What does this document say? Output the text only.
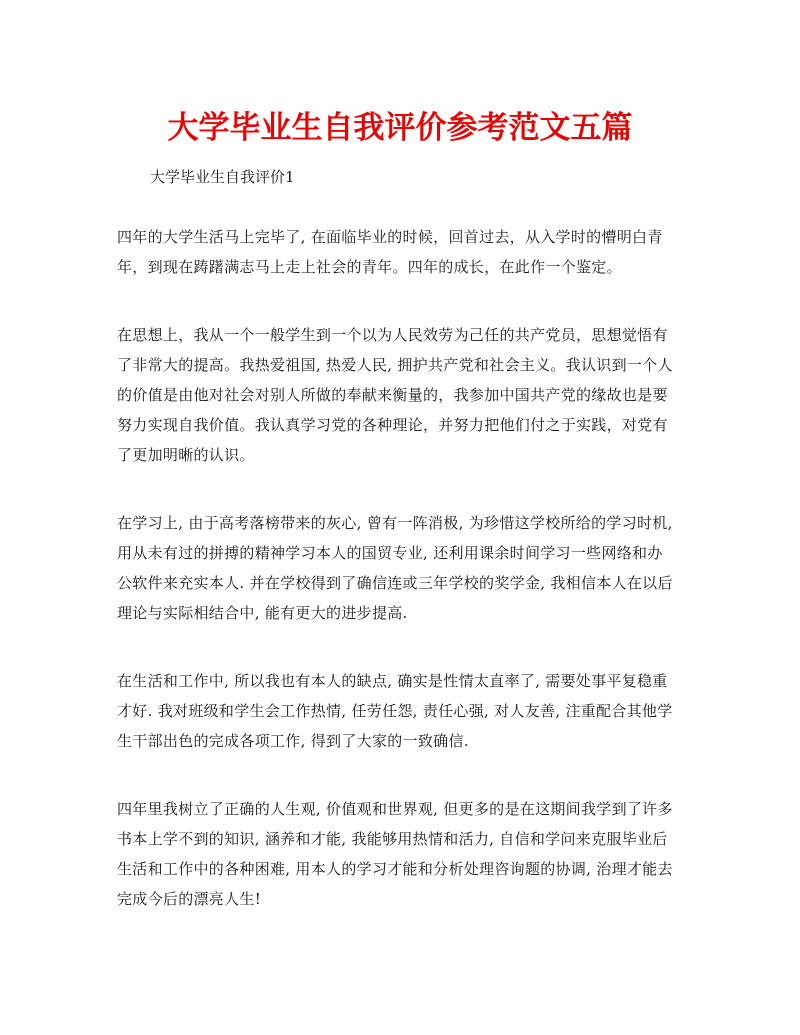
大学毕业生自我评价参考范文五篇

大学毕业生自我评价1

四年的大学生活马上完毕了, 在面临毕业的时候，回首过去，从入学时的懵明白青
年，到现在踌躇满志马上走上社会的青年。四年的成长，在此作一个鉴定。

在思想上，我从一个一般学生到一个以为人民效劳为己任的共产党员，思想觉悟有
了非常大的提高。我热爱祖国, 热爱人民, 拥护共产党和社会主义。我认识到一个人
的价值是由他对社会对别人所做的奉献来衡量的，我参加中国共产党的缘故也是要
努力实现自我价值。我认真学习党的各种理论，并努力把他们付之于实践，对党有
了更加明晰的认识。

在学习上, 由于高考落榜带来的灰心, 曾有一阵消极, 为珍惜这学校所给的学习时机,
用从未有过的拼搏的精神学习本人的国贸专业, 还利用课余时间学习一些网络和办
公软件来充实本人. 并在学校得到了确信连或三年学校的奖学金, 我相信本人在以后
理论与实际相结合中, 能有更大的进步提高.

在生活和工作中, 所以我也有本人的缺点, 确实是性情太直率了, 需要处事平复稳重
才好. 我对班级和学生会工作热情, 任劳任怨, 责任心强, 对人友善, 注重配合其他学
生干部出色的完成各项工作, 得到了大家的一致确信.

四年里我树立了正确的人生观, 价值观和世界观, 但更多的是在这期间我学到了许多
书本上学不到的知识, 涵养和才能, 我能够用热情和活力, 自信和学问来克服毕业后
生活和工作中的各种困难, 用本人的学习才能和分析处理咨询题的协调, 治理才能去
完成今后的漂亮人生!
